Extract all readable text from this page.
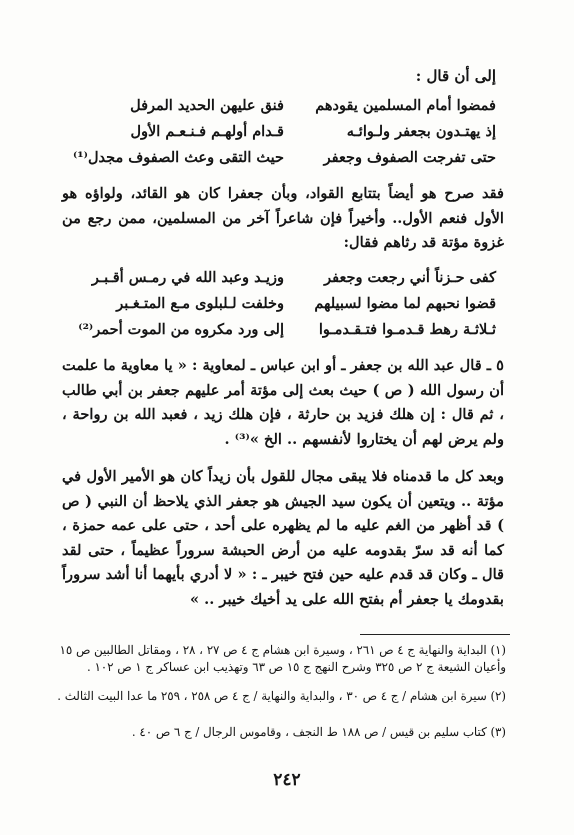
إلى أن قال :
فمضوا أمام المسلمين يقودهم
فنق عليهن الحديد المرفل
إذ يهتـدون بجعفر ولـوائـه
قـدام أولهـم فـنـعـم الأول
حتى تفرجت الصفوف وجعفر
حيث التقى وعث الصفوف مجدل⁽¹⁾
فقد صرح هو أيضاً بتتابع القواد، وبأن جعفرا كان هو القائد، ولواؤه هو الأول فنعم الأول.. وأخيراً فإن شاعراً آخر من المسلمين، ممن رجع من غزوة مؤتة قد رثاهم فقال:
كفى حـزناً أني رجعت وجعفر
وزيـد وعبد الله في رمـس أقـبـر
قضوا نحبهم لما مضوا لسبيلهم
وخلفت لـلبلوى مـع المتـغـبر
ثـلاثـة رهط قـدمـوا فتـقـدمـوا
إلى ورد مكروه من الموت أحمر⁽²⁾
٥ ـ قال عبد الله بن جعفر ـ أو ابن عباس ـ لمعاوية : « يا معاوية ما علمت أن رسول الله ( ص ) حيث بعث إلى مؤتة أمر عليهم جعفر بن أبي طالب ، ثم قال : إن هلك فزيد بن حارثة ، فإن هلك زيد ، فعبد الله بن رواحة ، ولم يرض لهم أن يختاروا لأنفسهم .. الخ »⁽³⁾ .
وبعد كل ما قدمناه فلا يبقى مجال للقول بأن زيداً كان هو الأمير الأول في مؤتة .. ويتعين أن يكون سيد الجيش هو جعفر الذي يلاحظ أن النبي ( ص ) قد أظهر من الغم عليه ما لم يظهره على أحد ، حتى على عمه حمزة ، كما أنه قد سرّ بقدومه عليه من أرض الحبشة سروراً عظيماً ، حتى لقد قال ـ وكان قد قدم عليه حين فتح خيبر ـ : « لا أدري بأيهما أنا أشد سروراً بقدومك يا جعفر أم بفتح الله على يد أخيك خيبر .. »
(١) البداية والنهاية ج ٤ ص ٢٦١ ، وسيرة ابن هشام ج ٤ ص ٢٧ ، ٢٨ ، ومقاتل الطالبين ص ١٥ وأعيان الشيعة ج ٢ ص ٣٢٥ وشرح النهج ج ١٥ ص ٦٣ وتهذيب ابن عساكر ج ١ ص ١٠٢ .
(٢) سيرة ابن هشام / ج ٤ ص ٣٠ ، والبداية والنهاية / ج ٤ ص ٢٥٨ ، ٢٥٩ ما عدا البيت الثالث .
(٣) كتاب سليم بن قيس / ص ١٨٨ ط النجف ، وقاموس الرجال / ج ٦ ص ٤٠ .
٢٤٢
